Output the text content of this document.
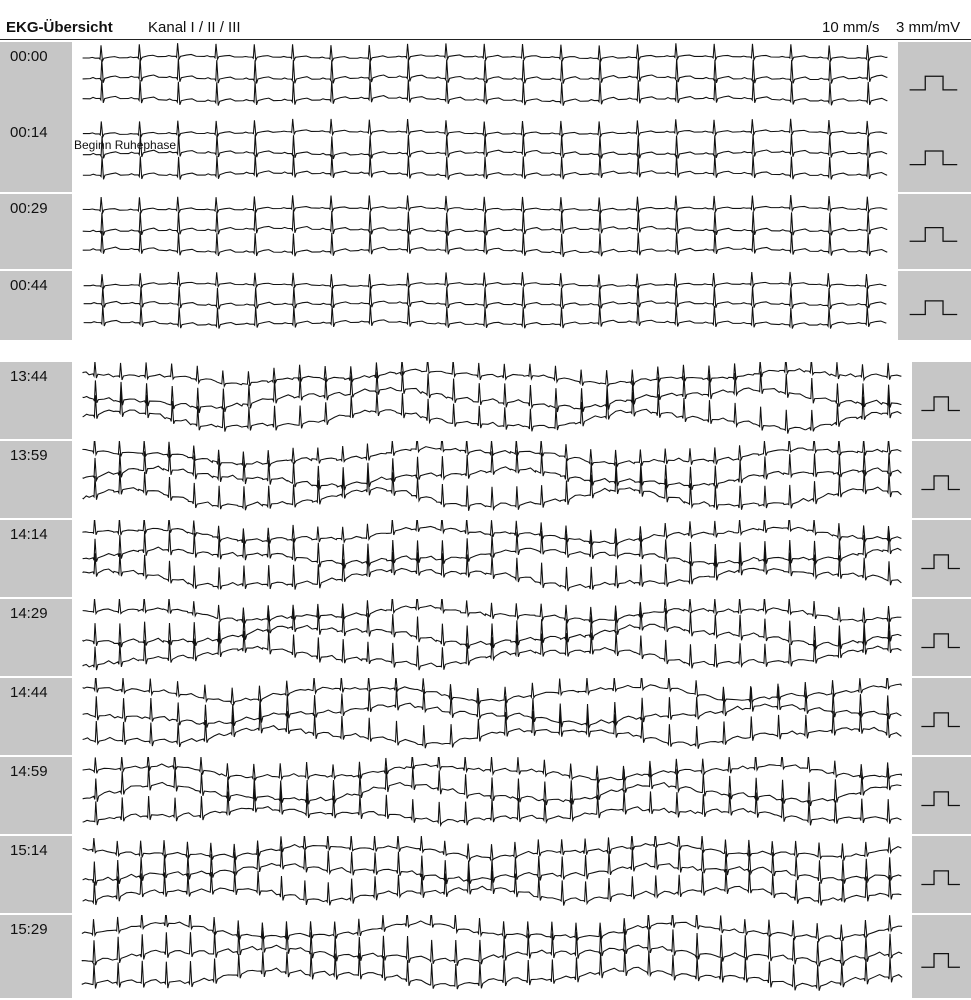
EKG-Übersicht Kanal I / II / III	10 mm/s 3 mm/mV
00:00
Beginn Ruhephase
00:14
00:29
00:44
13:44
13:59
14:14
14:29
14:44
14:59
15:14
15:29
